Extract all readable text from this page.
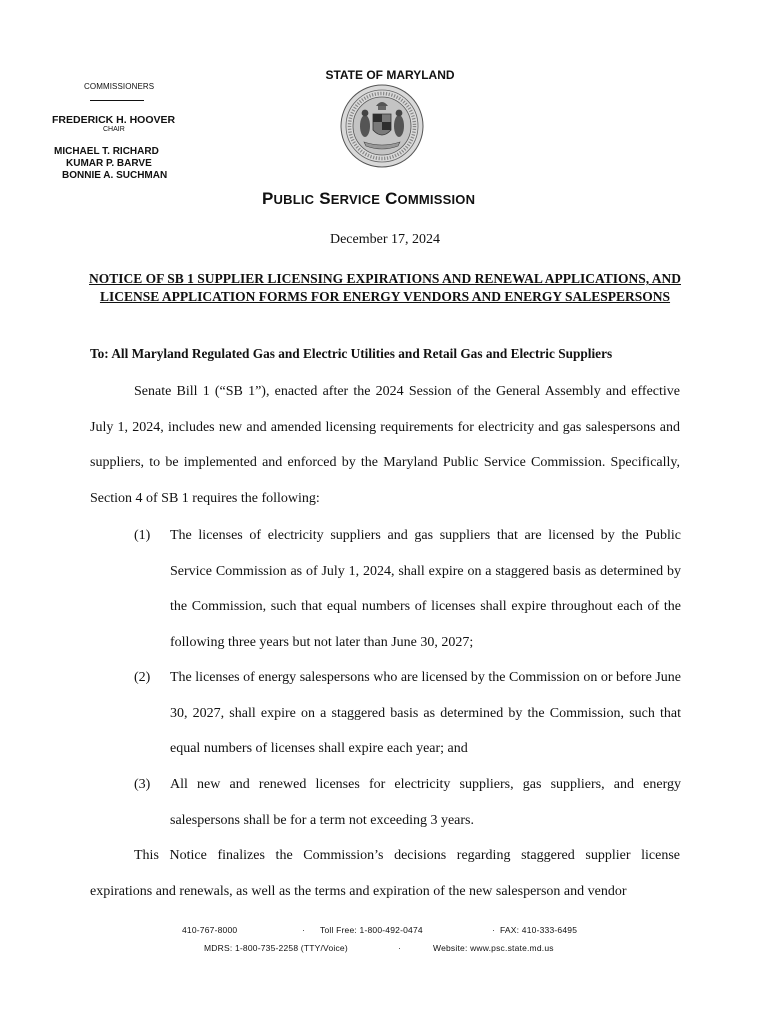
COMMISSIONERS
FREDERICK H. HOOVER
CHAIR
MICHAEL T. RICHARD
KUMAR P. BARVE
BONNIE A. SUCHMAN
STATE OF MARYLAND
PUBLIC SERVICE COMMISSION
December 17, 2024
NOTICE OF SB 1 SUPPLIER LICENSING EXPIRATIONS AND RENEWAL APPLICATIONS, AND LICENSE APPLICATION FORMS FOR ENERGY VENDORS AND ENERGY SALESPERSONS
To: All Maryland Regulated Gas and Electric Utilities and Retail Gas and Electric Suppliers
Senate Bill 1 (“SB 1”), enacted after the 2024 Session of the General Assembly and effective July 1, 2024, includes new and amended licensing requirements for electricity and gas salespersons and suppliers, to be implemented and enforced by the Maryland Public Service Commission. Specifically, Section 4 of SB 1 requires the following:
(1) The licenses of electricity suppliers and gas suppliers that are licensed by the Public Service Commission as of July 1, 2024, shall expire on a staggered basis as determined by the Commission, such that equal numbers of licenses shall expire throughout each of the following three years but not later than June 30, 2027;
(2) The licenses of energy salespersons who are licensed by the Commission on or before June 30, 2027, shall expire on a staggered basis as determined by the Commission, such that equal numbers of licenses shall expire each year; and
(3) All new and renewed licenses for electricity suppliers, gas suppliers, and energy salespersons shall be for a term not exceeding 3 years.
This Notice finalizes the Commission’s decisions regarding staggered supplier license expirations and renewals, as well as the terms and expiration of the new salesperson and vendor
410-767-8000	· Toll Free: 1-800-492-0474	· FAX: 410-333-6495
MDRS: 1-800-735-2258 (TTY/Voice)	·	Website: www.psc.state.md.us
